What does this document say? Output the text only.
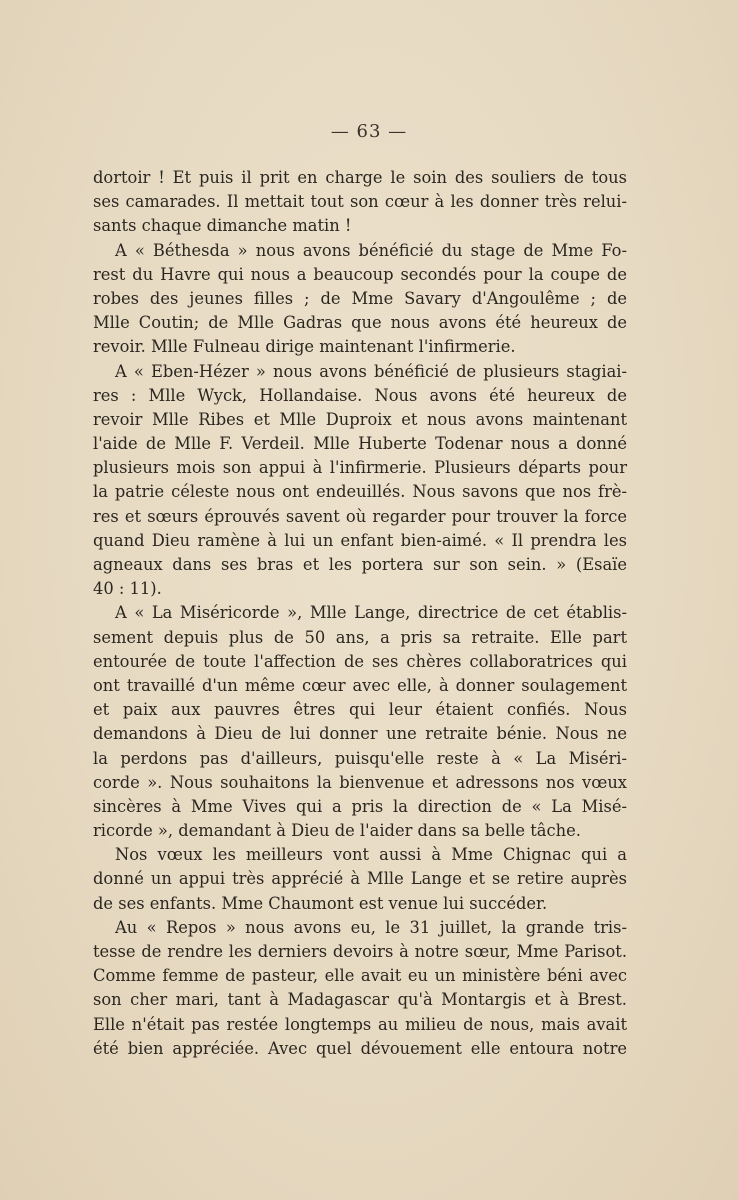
— 63 —
dortoir ! Et puis il prit en charge le soin des souliers de tous
ses camarades. Il mettait tout son cœur à les donner très relui-
sants chaque dimanche matin !
A « Béthesda » nous avons bénéficié du stage de Mme Fo-
rest du Havre qui nous a beaucoup secondés pour la coupe de
robes des jeunes filles ; de Mme Savary d'Angoulême ; de
Mlle Coutin; de Mlle Gadras que nous avons été heureux de
revoir. Mlle Fulneau dirige maintenant l'infirmerie.
A « Eben-Hézer » nous avons bénéficié de plusieurs stagiai-
res : Mlle Wyck, Hollandaise. Nous avons été heureux de
revoir Mlle Ribes et Mlle Duproix et nous avons maintenant
l'aide de Mlle F. Verdeil. Mlle Huberte Todenar nous a donné
plusieurs mois son appui à l'infirmerie. Plusieurs départs pour
la patrie céleste nous ont endeuillés. Nous savons que nos frè-
res et sœurs éprouvés savent où regarder pour trouver la force
quand Dieu ramène à lui un enfant bien-aimé. « Il prendra les
agneaux dans ses bras et les portera sur son sein. » (Esaïe
40 : 11).
A « La Miséricorde », Mlle Lange, directrice de cet établis-
sement depuis plus de 50 ans, a pris sa retraite. Elle part
entourée de toute l'affection de ses chères collaboratrices qui
ont travaillé d'un même cœur avec elle, à donner soulagement
et paix aux pauvres êtres qui leur étaient confiés. Nous
demandons à Dieu de lui donner une retraite bénie. Nous ne
la perdons pas d'ailleurs, puisqu'elle reste à « La Miséri-
corde ». Nous souhaitons la bienvenue et adressons nos vœux
sincères à Mme Vives qui a pris la direction de « La Misé-
ricorde », demandant à Dieu de l'aider dans sa belle tâche.
Nos vœux les meilleurs vont aussi à Mme Chignac qui a
donné un appui très apprécié à Mlle Lange et se retire auprès
de ses enfants. Mme Chaumont est venue lui succéder.
Au « Repos » nous avons eu, le 31 juillet, la grande tris-
tesse de rendre les derniers devoirs à notre sœur, Mme Parisot.
Comme femme de pasteur, elle avait eu un ministère béni avec
son cher mari, tant à Madagascar qu'à Montargis et à Brest.
Elle n'était pas restée longtemps au milieu de nous, mais avait
été bien appréciée. Avec quel dévouement elle entoura notre
